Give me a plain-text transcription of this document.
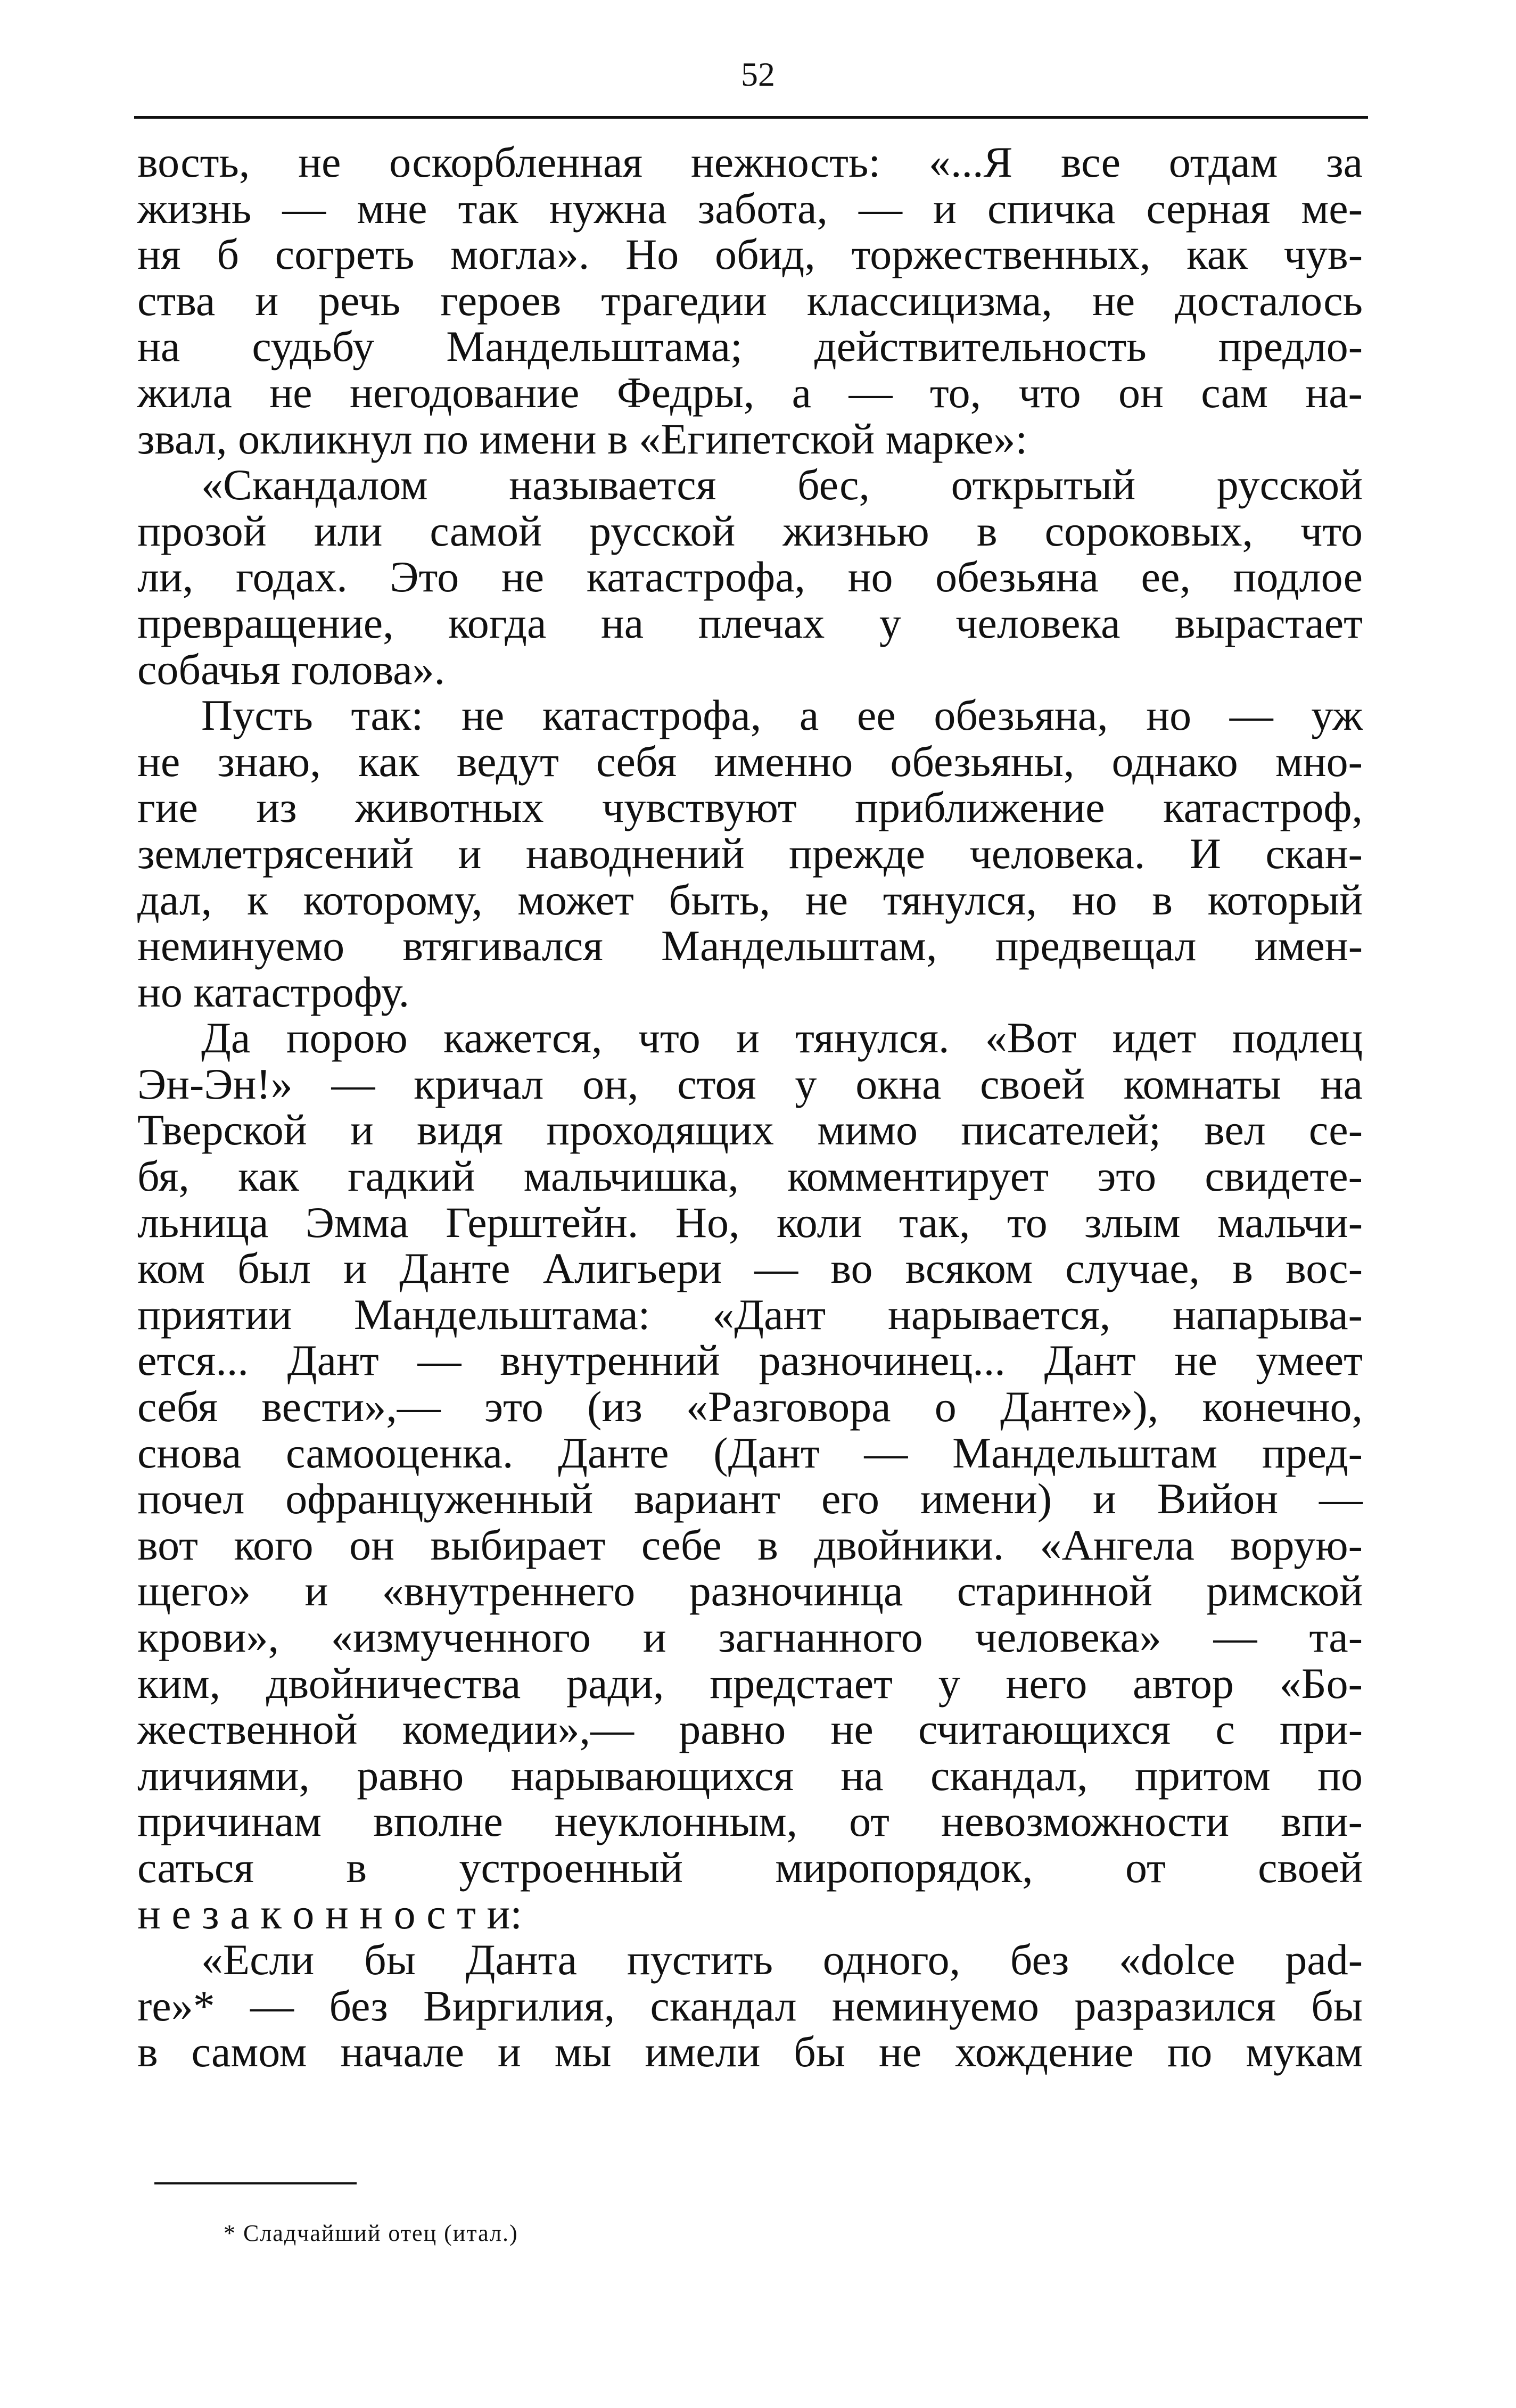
52
вость, не оскорбленная нежность: «...Я все отдам за
жизнь — мне так нужна забота, — и спичка серная ме-
ня б согреть могла». Но обид, торжественных, как чув-
ства и речь героев трагедии классицизма, не досталось
на судьбу Мандельштама; действительность предло-
жила не негодование Федры, а — то, что он сам на-
звал, окликнул по имени в «Египетской марке»:
«Скандалом называется бес, открытый русской
прозой или самой русской жизнью в сороковых, что
ли, годах. Это не катастрофа, но обезьяна ее, подлое
превращение, когда на плечах у человека вырастает
собачья голова».
Пусть так: не катастрофа, а ее обезьяна, но — уж
не знаю, как ведут себя именно обезьяны, однако мно-
гие из животных чувствуют приближение катастроф,
землетрясений и наводнений прежде человека. И скан-
дал, к которому, может быть, не тянулся, но в который
неминуемо втягивался Мандельштам, предвещал имен-
но катастрофу.
Да порою кажется, что и тянулся. «Вот идет подлец
Эн-Эн!» — кричал он, стоя у окна своей комнаты на
Тверской и видя проходящих мимо писателей; вел се-
бя, как гадкий мальчишка, комментирует это свидете-
льница Эмма Герштейн. Но, коли так, то злым мальчи-
ком был и Данте Алигьери — во всяком случае, в вос-
приятии Мандельштама: «Дант нарывается, напарыва-
ется... Дант — внутренний разночинец... Дант не умеет
себя вести»,— это (из «Разговора о Данте»), конечно,
снова самооценка. Данте (Дант — Мандельштам пред-
почел офранцуженный вариант его имени) и Вийон —
вот кого он выбирает себе в двойники. «Ангела ворую-
щего» и «внутреннего разночинца старинной римской
крови», «измученного и загнанного человека» — та-
ким, двойничества ради, предстает у него автор «Бо-
жественной комедии»,— равно не считающихся с при-
личиями, равно нарывающихся на скандал, притом по
причинам вполне неуклонным, от невозможности впи-
саться в устроенный миропорядок, от своей
н е з а к о н н о с т и:
«Если бы Данта пустить одного, без «dolce pad-
re»* — без Виргилия, скандал неминуемо разразился бы
в самом начале и мы имели бы не хождение по мукам
* Сладчайший отец (итал.)
